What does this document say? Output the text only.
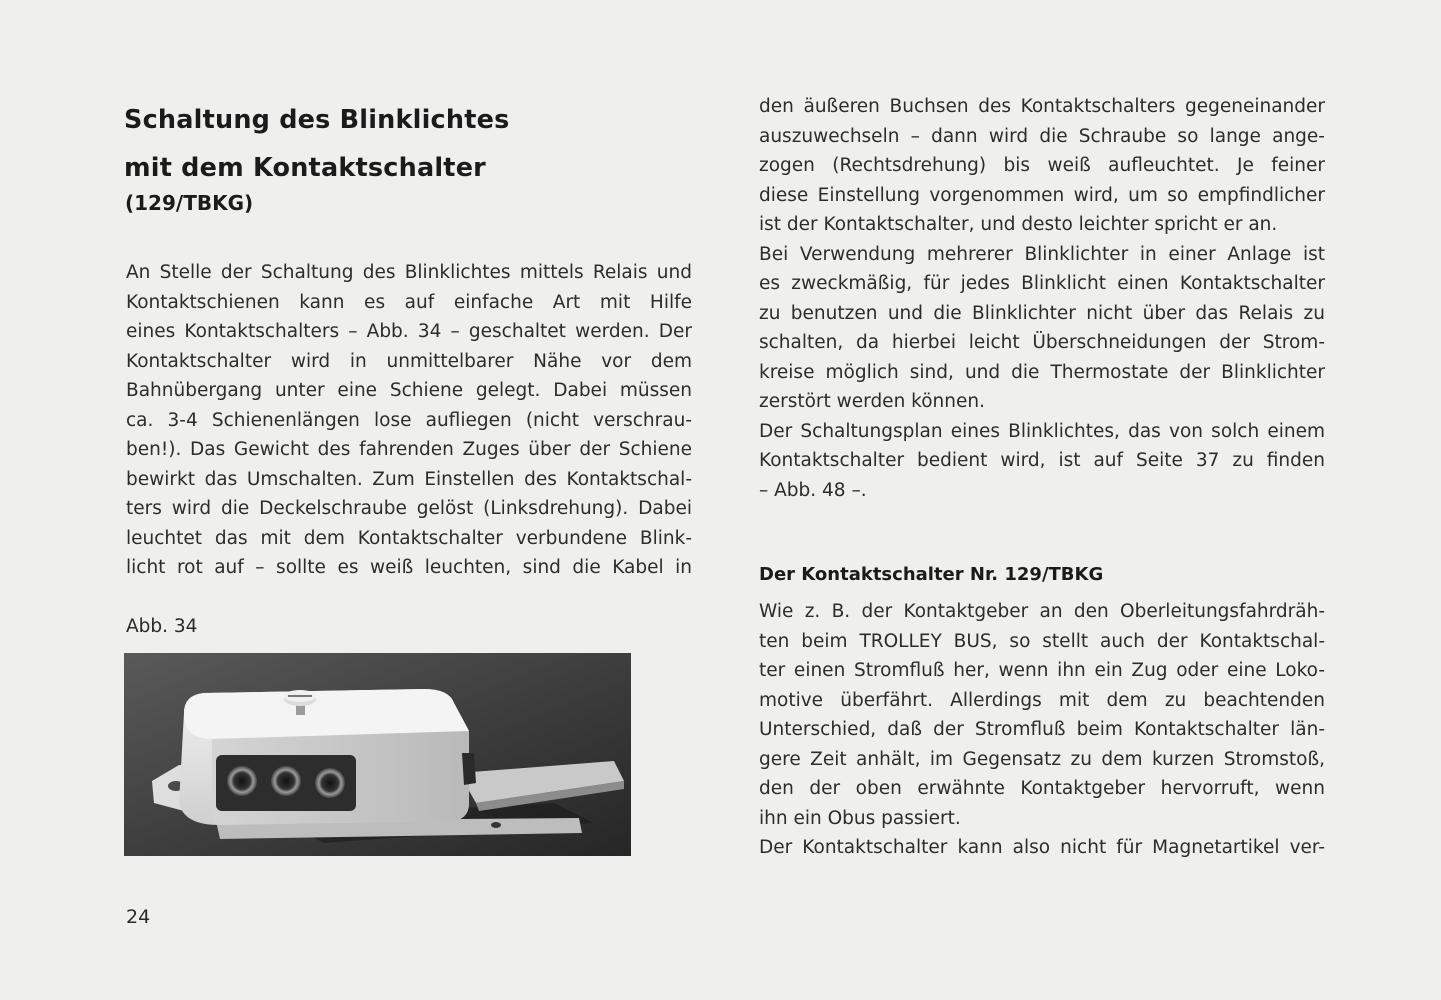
Schaltung des Blinklichtes
mit dem Kontaktschalter
(129/TBKG)
An Stelle der Schaltung des Blinklichtes mittels Relais und
Kontaktschienen kann es auf einfache Art mit Hilfe
eines Kontaktschalters – Abb. 34 – geschaltet werden. Der
Kontaktschalter wird in unmittelbarer Nähe vor dem
Bahnübergang unter eine Schiene gelegt. Dabei müssen
ca. 3-4 Schienenlängen lose aufliegen (nicht verschrau-
ben!). Das Gewicht des fahrenden Zuges über der Schiene
bewirkt das Umschalten. Zum Einstellen des Kontaktschal-
ters wird die Deckelschraube gelöst (Linksdrehung). Dabei
leuchtet das mit dem Kontaktschalter verbundene Blink-
licht rot auf – sollte es weiß leuchten, sind die Kabel in
Abb. 34
24
den äußeren Buchsen des Kontaktschalters gegeneinander
auszuwechseln – dann wird die Schraube so lange ange-
zogen (Rechtsdrehung) bis weiß aufleuchtet. Je feiner
diese Einstellung vorgenommen wird, um so empfindlicher
ist der Kontaktschalter, und desto leichter spricht er an.
Bei Verwendung mehrerer Blinklichter in einer Anlage ist
es zweckmäßig, für jedes Blinklicht einen Kontaktschalter
zu benutzen und die Blinklichter nicht über das Relais zu
schalten, da hierbei leicht Überschneidungen der Strom-
kreise möglich sind, und die Thermostate der Blinklichter
zerstört werden können.
Der Schaltungsplan eines Blinklichtes, das von solch einem
Kontaktschalter bedient wird, ist auf Seite 37 zu finden
– Abb. 48 –.
Der Kontaktschalter Nr. 129/TBKG
Wie z. B. der Kontaktgeber an den Oberleitungsfahrdräh-
ten beim TROLLEY BUS, so stellt auch der Kontaktschal-
ter einen Stromfluß her, wenn ihn ein Zug oder eine Loko-
motive überfährt. Allerdings mit dem zu beachtenden
Unterschied, daß der Stromfluß beim Kontaktschalter län-
gere Zeit anhält, im Gegensatz zu dem kurzen Stromstoß,
den der oben erwähnte Kontaktgeber hervorruft, wenn
ihn ein Obus passiert.
Der Kontaktschalter kann also nicht für Magnetartikel ver-
